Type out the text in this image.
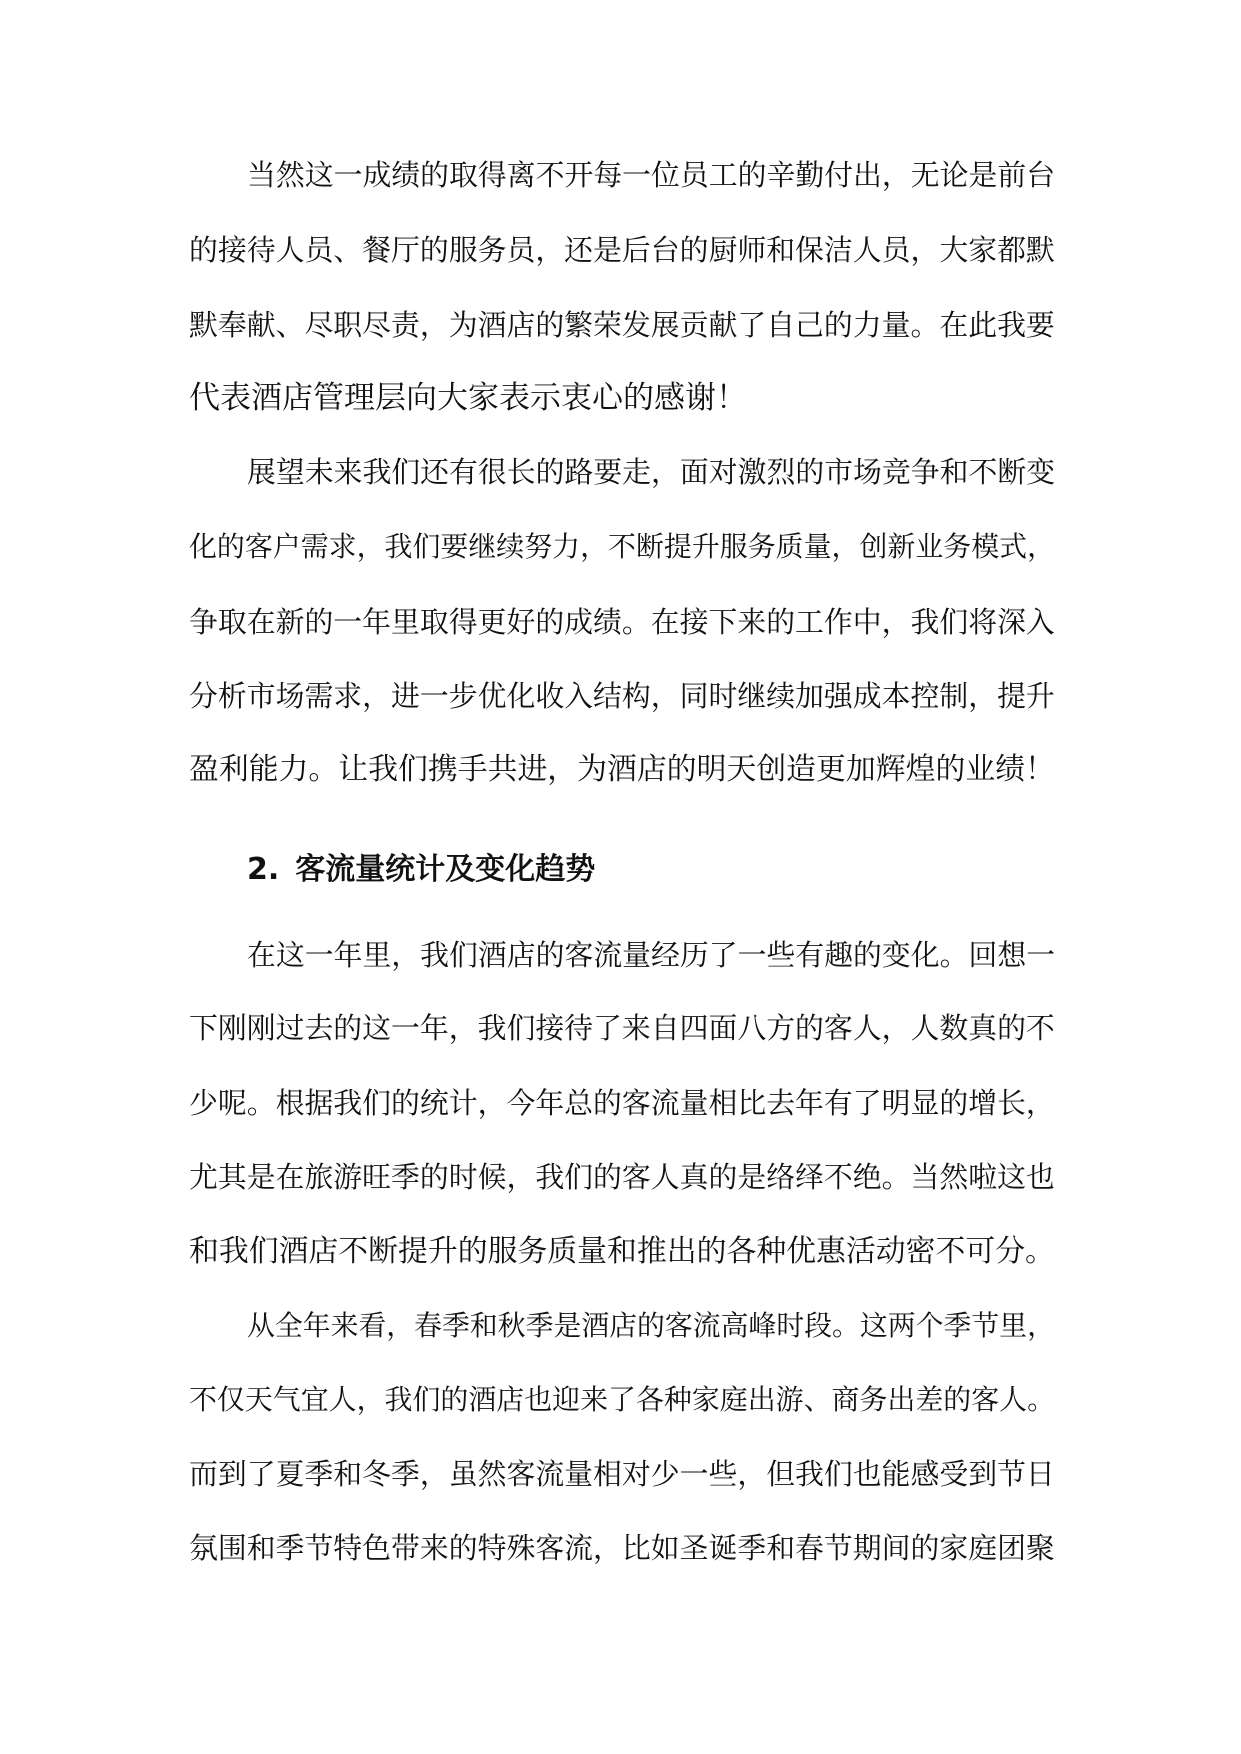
当然这一成绩的取得离不开每一位员工的辛勤付出，无论是前台
的接待人员、餐厅的服务员，还是后台的厨师和保洁人员，大家都默
默奉献、尽职尽责，为酒店的繁荣发展贡献了自己的力量。在此我要
代表酒店管理层向大家表示衷心的感谢！
展望未来我们还有很长的路要走，面对激烈的市场竞争和不断变
化的客户需求，我们要继续努力，不断提升服务质量，创新业务模式，
争取在新的一年里取得更好的成绩。在接下来的工作中，我们将深入
分析市场需求，进一步优化收入结构，同时继续加强成本控制，提升
盈利能力。让我们携手共进，为酒店的明天创造更加辉煌的业绩！
2. 客流量统计及变化趋势
在这一年里，我们酒店的客流量经历了一些有趣的变化。回想一
下刚刚过去的这一年，我们接待了来自四面八方的客人，人数真的不
少呢。根据我们的统计，今年总的客流量相比去年有了明显的增长，
尤其是在旅游旺季的时候，我们的客人真的是络绎不绝。当然啦这也
和我们酒店不断提升的服务质量和推出的各种优惠活动密不可分。
从全年来看，春季和秋季是酒店的客流高峰时段。这两个季节里，
不仅天气宜人，我们的酒店也迎来了各种家庭出游、商务出差的客人。
而到了夏季和冬季，虽然客流量相对少一些，但我们也能感受到节日
氛围和季节特色带来的特殊客流，比如圣诞季和春节期间的家庭团聚
